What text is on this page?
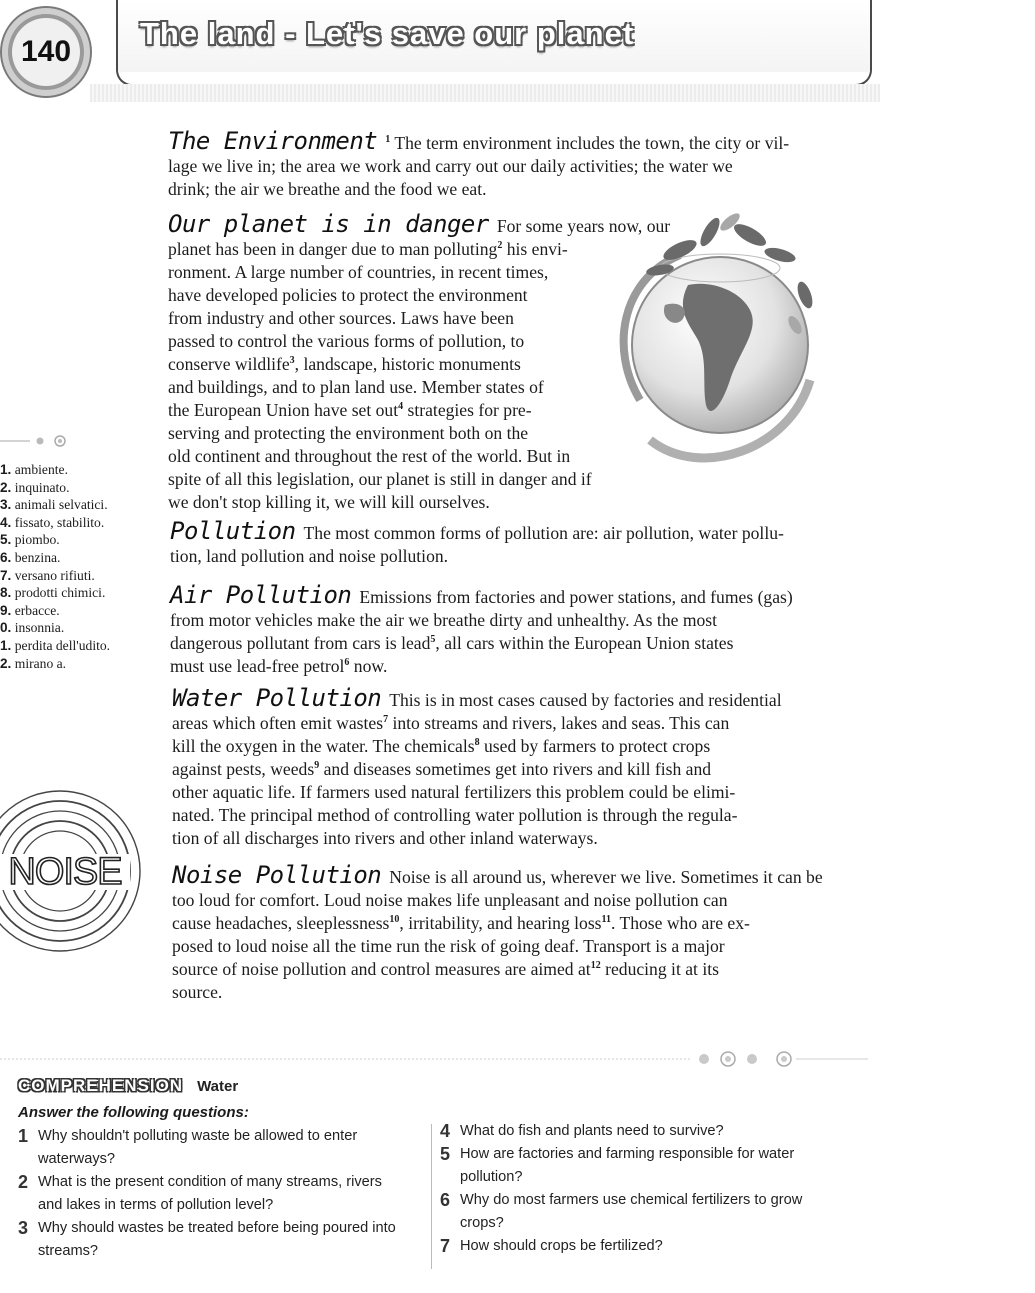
140
The land - Let's save our planet

The Environment $^1$ The term environment includes the town, the city or vil-
lage we live in; the area we work and carry out our daily activities; the water we
drink; the air we breathe and the food we eat.

Our planet is in danger For some years now, our
planet has been in danger due to man polluting$^2$ his envi-
ronment. A large number of countries, in recent times,
have developed policies to protect the environment
from industry and other sources. Laws have been
passed to control the various forms of pollution, to
conserve wildlife$^3$, landscape, historic monuments
and buildings, and to plan land use. Member states of
the European Union have set out$^4$ strategies for pre-
serving and protecting the environment both on the
old continent and throughout the rest of the world. But in
spite of all this legislation, our planet is still in danger and if
we don't stop killing it, we will kill ourselves.

Pollution The most common forms of pollution are: air pollution, water pollu-
tion, land pollution and noise pollution.

Air Pollution Emissions from factories and power stations, and fumes (gas)
from motor vehicles make the air we breathe dirty and unhealthy. As the most
dangerous pollutant from cars is lead$^5$, all cars within the European Union states
must use lead-free petrol$^6$ now.

Water Pollution This is in most cases caused by factories and residential
areas which often emit wastes$^7$ into streams and rivers, lakes and seas. This can
kill the oxygen in the water. The chemicals$^8$ used by farmers to protect crops
against pests, weeds$^9$ and diseases sometimes get into rivers and kill fish and
other aquatic life. If farmers used natural fertilizers this problem could be elimi-
nated. The principal method of controlling water pollution is through the regula-
tion of all discharges into rivers and other inland waterways.

Noise Pollution Noise is all around us, wherever we live. Sometimes it can be
too loud for comfort. Loud noise makes life unpleasant and noise pollution can
cause headaches, sleeplessness$^{10}$, irritability, and hearing loss$^{11}$. Those who are ex-
posed to loud noise all the time run the risk of going deaf. Transport is a major
source of noise pollution and control measures are aimed $at^{12}$ reducing it at its
source.

1. ambiente.
2. inquinato.
3. animali selvatici.
4. fissato, stabilito.
5. piombo.
6. benzina.
7. versano rifiuti.
8. prodotti chimici.
9. erbacce.
0. insonnia.
1. perdita dell'udito.
2. mirano a.
NOISE
COMPREHENSION Water

Answer the following questions:

1 Why shouldn't polluting waste be allowed to enter
waterways?
2 What is the present condition of many streams, rivers
and lakes in terms of pollution level?
3 Why should wastes be treated before being poured into
streams?
4 What do fish and plants need to survive?
5 How are factories and farming responsible for water
pollution?
6 Why do most farmers use chemical fertilizers to grow
crops?
7 How should crops be fertilized?
